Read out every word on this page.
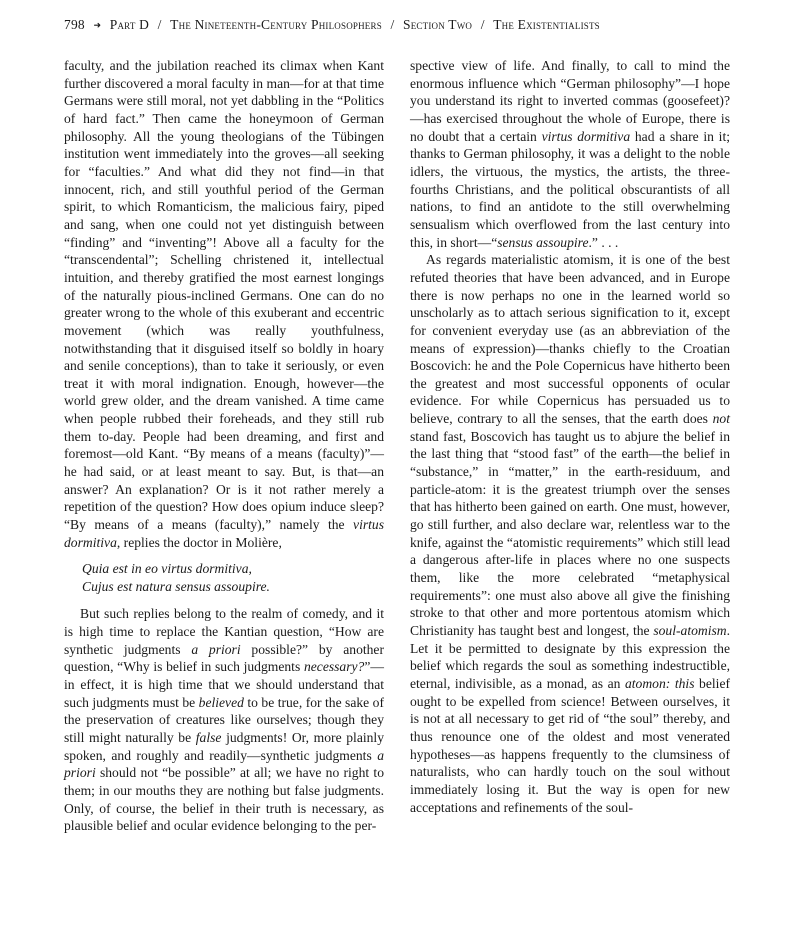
798 ➜ Part D / The Nineteenth-Century Philosophers / Section Two / The Existentialists

faculty, and the jubilation reached its climax when Kant further discovered a moral faculty in man—for at that time Germans were still moral, not yet dabbling in the “Politics of hard fact.” Then came the honeymoon of German philosophy. All the young theologians of the Tübingen institution went immediately into the groves—all seeking for “faculties.” And what did they not find—in that innocent, rich, and still youthful period of the German spirit, to which Romanticism, the malicious fairy, piped and sang, when one could not yet distinguish between “finding” and “inventing”! Above all a faculty for the “transcendental”; Schelling christened it, intellectual intuition, and thereby gratified the most earnest longings of the naturally pious-inclined Germans. One can do no greater wrong to the whole of this exuberant and eccentric movement (which was really youthfulness, notwithstanding that it disguised itself so boldly in hoary and senile conceptions), than to take it seriously, or even treat it with moral indignation. Enough, however—the world grew older, and the dream vanished. A time came when people rubbed their foreheads, and they still rub them to-day. People had been dreaming, and first and foremost—old Kant. “By means of a means (faculty)”—he had said, or at least meant to say. But, is that—an answer? An explanation? Or is it not rather merely a repetition of the question? How does opium induce sleep? “By means of a means (faculty),” namely the virtus dormitiva, replies the doctor in Molière,

Quia est in eo virtus dormitiva,
Cujus est natura sensus assoupire.

But such replies belong to the realm of comedy, and it is high time to replace the Kantian question, “How are synthetic judgments a priori possible?” by another question, “Why is belief in such judgments necessary?”—in effect, it is high time that we should understand that such judgments must be believed to be true, for the sake of the preservation of creatures like ourselves; though they still might naturally be false judgments! Or, more plainly spoken, and roughly and readily—synthetic judgments a priori should not “be possible” at all; we have no right to them; in our mouths they are nothing but false judgments. Only, of course, the belief in their truth is necessary, as plausible belief and ocular evidence belonging to the per-

spective view of life. And finally, to call to mind the enormous influence which “German philosophy”—I hope you understand its right to inverted commas (goosefeet)?—has exercised throughout the whole of Europe, there is no doubt that a certain virtus dormitiva had a share in it; thanks to German philosophy, it was a delight to the noble idlers, the virtuous, the mystics, the artists, the three-fourths Christians, and the political obscurantists of all nations, to find an antidote to the still overwhelming sensualism which overflowed from the last century into this, in short—“sensus assoupire.” . . .

As regards materialistic atomism, it is one of the best refuted theories that have been advanced, and in Europe there is now perhaps no one in the learned world so unscholarly as to attach serious signification to it, except for convenient everyday use (as an abbreviation of the means of expression)—thanks chiefly to the Croatian Boscovich: he and the Pole Copernicus have hitherto been the greatest and most successful opponents of ocular evidence. For while Copernicus has persuaded us to believe, contrary to all the senses, that the earth does not stand fast, Boscovich has taught us to abjure the belief in the last thing that “stood fast” of the earth—the belief in “substance,” in “matter,” in the earth-residuum, and particle-atom: it is the greatest triumph over the senses that has hitherto been gained on earth. One must, however, go still further, and also declare war, relentless war to the knife, against the “atomistic requirements” which still lead a dangerous after-life in places where no one suspects them, like the more celebrated “metaphysical requirements”: one must also above all give the finishing stroke to that other and more portentous atomism which Christianity has taught best and longest, the soul-atomism. Let it be permitted to designate by this expression the belief which regards the soul as something indestructible, eternal, indivisible, as a monad, as an atomon: this belief ought to be expelled from science! Between ourselves, it is not at all necessary to get rid of “the soul” thereby, and thus renounce one of the oldest and most venerated hypotheses—as happens frequently to the clumsiness of naturalists, who can hardly touch on the soul without immediately losing it. But the way is open for new acceptations and refinements of the soul-
